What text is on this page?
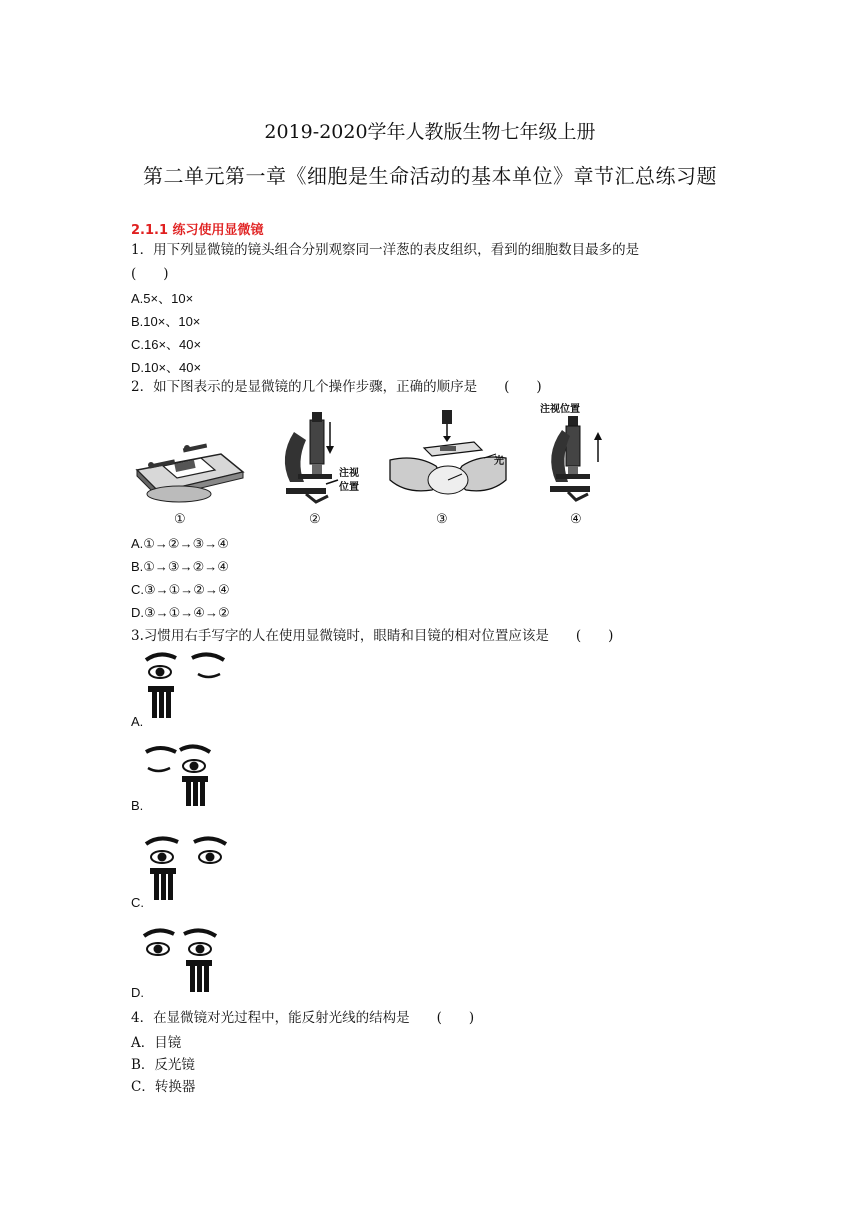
2019-2020学年人教版生物七年级上册
第二单元第一章《细胞是生命活动的基本单位》章节汇总练习题
2.1.1 练习使用显微镜
1．用下列显微镜的镜头组合分别观察同一洋葱的表皮组织，看到的细胞数目最多的是
(　　)
A.5×、10×
B.10×、10×
C.16×、40×
D.10×、40×
2．如下图表示的是显微镜的几个操作步骤，正确的顺序是　　(　　)
注视
位置
光
注视位置
①	②	③	④
A.①→②→③→④
B.①→③→②→④
C.③→①→②→④
D.③→①→④→②
3.习惯用右手写字的人在使用显微镜时，眼睛和目镜的相对位置应该是　　(　　)
A.
B.
C.
D.
4．在显微镜对光过程中，能反射光线的结构是　　(　　)
A．目镜
B．反光镜
C．转换器
